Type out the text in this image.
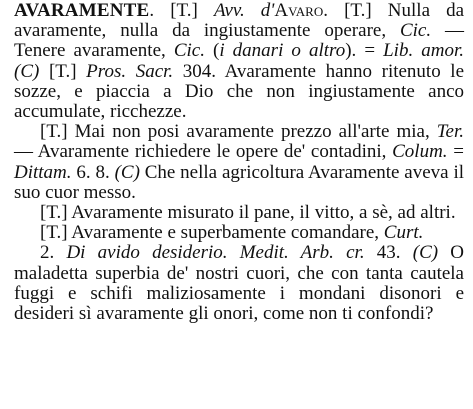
AVARAMENTE. [T.] Avv. d'Avaro. [T.] Nulla da avaramente, nulla da ingiustamente operare, Cic. — Tenere avaramente, Cic. (i danari o altro). = Lib. amor. (C) [T.] Pros. Sacr. 304. Avaramente hanno ritenuto le sozze, e piaccia a Dio che non ingiustamente anco accumulate, ricchezze.

[T.] Mai non posi avaramente prezzo all'arte mia, Ter. — Avaramente richiedere le opere de' contadini, Colum. = Dittam. 6. 8. (C) Che nella agricoltura Avaramente aveva il suo cuor messo.

[T.] Avaramente misurato il pane, il vitto, a sè, ad altri.

[T.] Avaramente e superbamente comandare, Curt.

2. Di avido desiderio. Medit. Arb. cr. 43. (C) O maladetta superbia de' nostri cuori, che con tanta cautela fuggi e schifi maliziosamente i mondani disonori e desideri sì avaramente gli onori, come non ti confondi?
